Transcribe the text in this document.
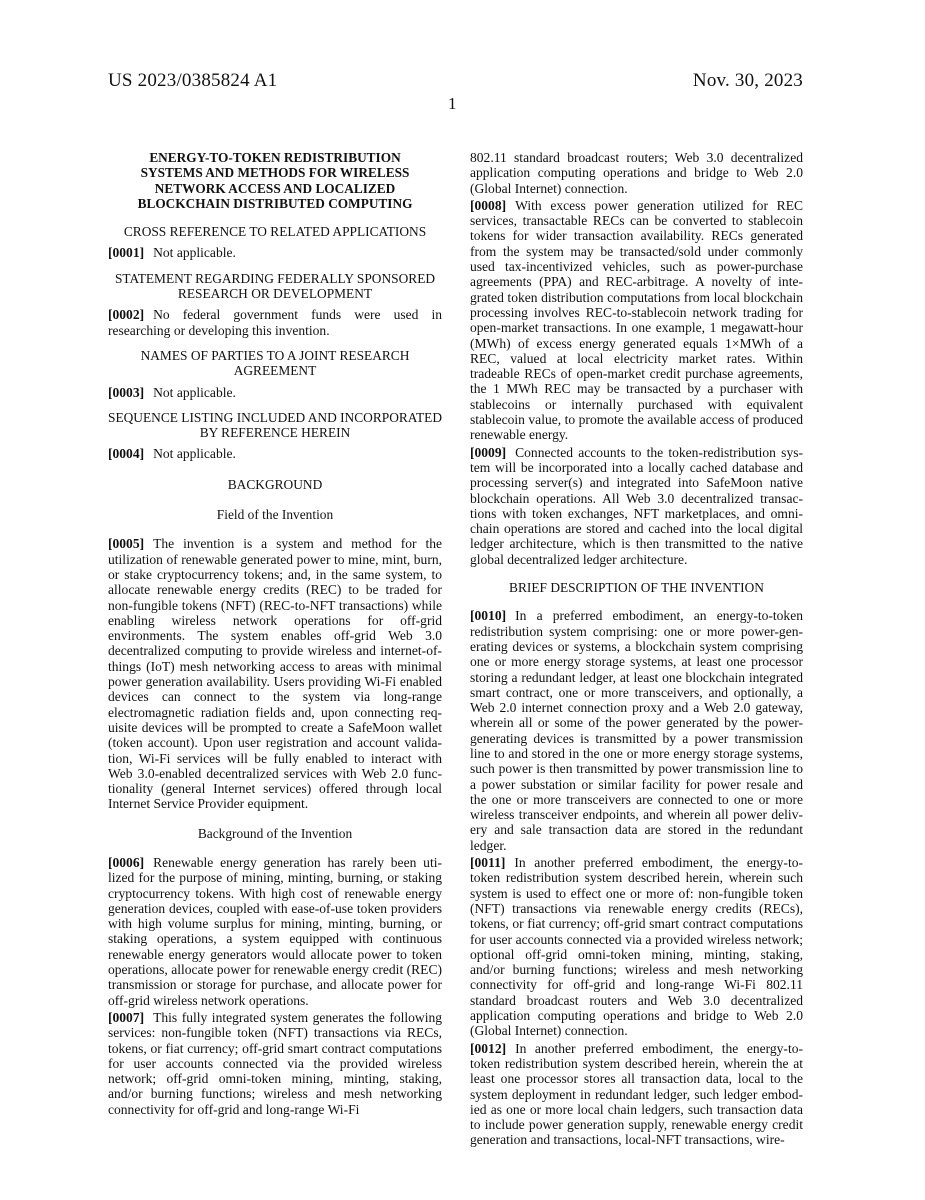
US 2023/0385824 A1	Nov. 30, 2023
1
ENERGY-TO-TOKEN REDISTRIBUTION SYSTEMS AND METHODS FOR WIRELESS NETWORK ACCESS AND LOCALIZED BLOCKCHAIN DISTRIBUTED COMPUTING
CROSS REFERENCE TO RELATED APPLICATIONS

[0001] Not applicable.

STATEMENT REGARDING FEDERALLY SPONSORED RESEARCH OR DEVELOPMENT

[0002] No federal government funds were used in researching or developing this invention.

NAMES OF PARTIES TO A JOINT RESEARCH AGREEMENT

[0003] Not applicable.

SEQUENCE LISTING INCLUDED AND INCORPORATED BY REFERENCE HEREIN

[0004] Not applicable.

BACKGROUND
Field of the Invention

[0005] The invention is a system and method for the utilization of renewable generated power to mine, mint, burn, or stake cryptocurrency tokens; and, in the same system, to allocate renewable energy credits (REC) to be traded for non-fungible tokens (NFT) (REC-to-NFT transactions) while enabling wireless network operations for off-grid environments. The system enables off-grid Web 3.0 decentralized computing to provide wireless and internet-of-things (IoT) mesh networking access to areas with minimal power generation availability. Users providing Wi-Fi enabled devices can connect to the system via long-range electromagnetic radiation fields and, upon connecting requisite devices will be prompted to create a SafeMoon wallet (token account). Upon user registration and account validation, Wi-Fi services will be fully enabled to interact with Web 3.0-enabled decentralized services with Web 2.0 functionality (general Internet services) offered through local Internet Service Provider equipment.

Background of the Invention

[0006] Renewable energy generation has rarely been utilized for the purpose of mining, minting, burning, or staking cryptocurrency tokens. With high cost of renewable energy generation devices, coupled with ease-of-use token providers with high volume surplus for mining, minting, burning, or staking operations, a system equipped with continuous renewable energy generators would allocate power to token operations, allocate power for renewable energy credit (REC) transmission or storage for purchase, and allocate power for off-grid wireless network operations.

[0007] This fully integrated system generates the following services: non-fungible token (NFT) transactions via RECs, tokens, or fiat currency; off-grid smart contract computations for user accounts connected via the provided wireless network; off-grid omni-token mining, minting, staking, and/or burning functions; wireless and mesh networking connectivity for off-grid and long-range Wi-Fi

802.11 standard broadcast routers; Web 3.0 decentralized application computing operations and bridge to Web 2.0 (Global Internet) connection.

[0008] With excess power generation utilized for REC services, transactable RECs can be converted to stablecoin tokens for wider transaction availability. RECs generated from the system may be transacted/sold under commonly used tax-incentivized vehicles, such as power-purchase agreements (PPA) and REC-arbitrage. A novelty of integrated token distribution computations from local blockchain processing involves REC-to-stablecoin network trading for open-market transactions. In one example, 1 megawatt-hour (MWh) of excess energy generated equals 1×MWh of a REC, valued at local electricity market rates. Within tradeable RECs of open-market credit purchase agreements, the 1 MWh REC may be transacted by a purchaser with stablecoins or internally purchased with equivalent stablecoin value, to promote the available access of produced renewable energy.

[0009] Connected accounts to the token-redistribution system will be incorporated into a locally cached database and processing server(s) and integrated into SafeMoon native blockchain operations. All Web 3.0 decentralized transactions with token exchanges, NFT marketplaces, and omni-chain operations are stored and cached into the local digital ledger architecture, which is then transmitted to the native global decentralized ledger architecture.

BRIEF DESCRIPTION OF THE INVENTION

[0010] In a preferred embodiment, an energy-to-token redistribution system comprising: one or more power-generating devices or systems, a blockchain system comprising one or more energy storage systems, at least one processor storing a redundant ledger, at least one blockchain integrated smart contract, one or more transceivers, and optionally, a Web 2.0 internet connection proxy and a Web 2.0 gateway, wherein all or some of the power generated by the power-generating devices is transmitted by a power transmission line to and stored in the one or more energy storage systems, such power is then transmitted by power transmission line to a power substation or similar facility for power resale and the one or more transceivers are connected to one or more wireless transceiver endpoints, and wherein all power delivery and sale transaction data are stored in the redundant ledger.

[0011] In another preferred embodiment, the energy-to-token redistribution system described herein, wherein such system is used to effect one or more of: non-fungible token (NFT) transactions via renewable energy credits (RECs), tokens, or fiat currency; off-grid smart contract computations for user accounts connected via a provided wireless network; optional off-grid omni-token mining, minting, staking, and/or burning functions; wireless and mesh networking connectivity for off-grid and long-range Wi-Fi 802.11 standard broadcast routers and Web 3.0 decentralized application computing operations and bridge to Web 2.0 (Global Internet) connection.

[0012] In another preferred embodiment, the energy-to-token redistribution system described herein, wherein the at least one processor stores all transaction data, local to the system deployment in redundant ledger, such ledger embodied as one or more local chain ledgers, such transaction data to include power generation supply, renewable energy credit generation and transactions, local-NFT transactions, wire-
